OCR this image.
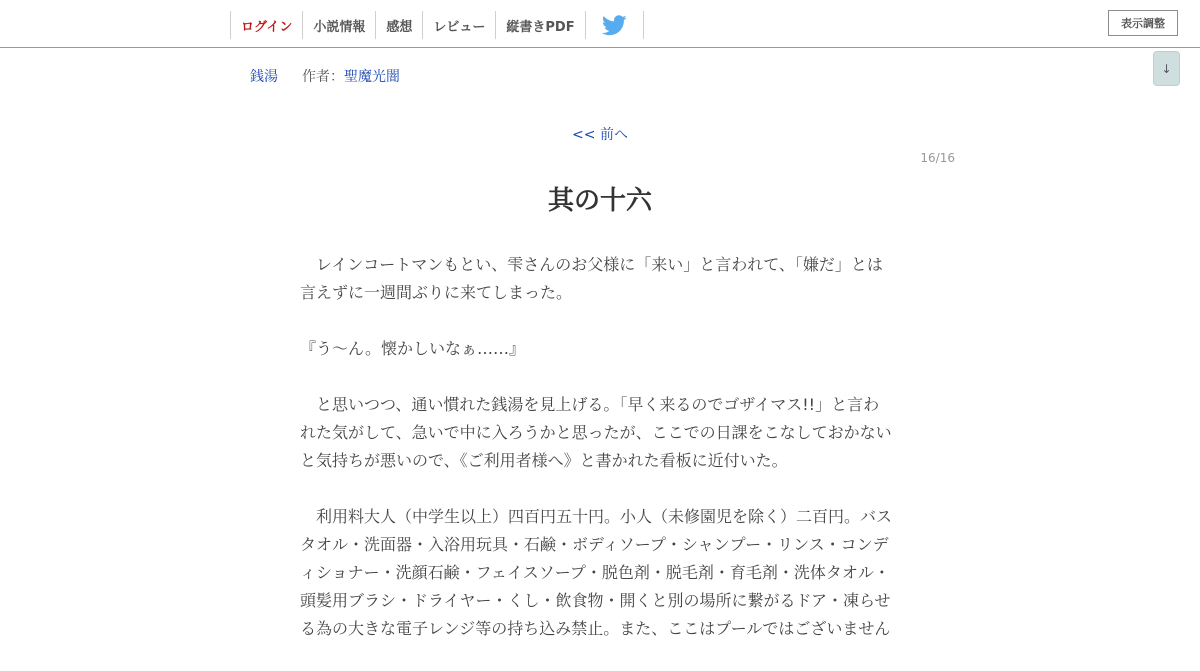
ログイン	小説情報	感想	レビュー	縦書きPDF	表示調整
↓
銭湯 作者： 聖魔光闇
<< 前へ
16/16
其の十六

　レインコートマンもとい、雫さんのお父様に「来い」と言われて、「嫌だ」とは言えずに一週間ぶりに来てしまった。

『う〜ん。懐かしいなぁ……』

　と思いつつ、通い慣れた銭湯を見上げる。「早く来るのでゴザイマス!!」と言われた気がして、急いで中に入ろうかと思ったが、ここでの日課をこなしておかないと気持ちが悪いので、《ご利用者様へ》と書かれた看板に近付いた。

　利用料大人（中学生以上）四百円五十円。小人（未修園児を除く）二百円。バスタオル・洗面器・入浴用玩具・石鹸・ボディソープ・シャンプー・リンス・コンディショナー・洗顔石鹸・フェイスソープ・脱色剤・脱毛剤・育毛剤・洗体タオル・頭髪用ブラシ・ドライヤー・くし・飲食物・開くと別の場所に繋がるドア・凍らせる為の大きな電子レンジ等の持ち込み禁止。また、ここはプールではございません
